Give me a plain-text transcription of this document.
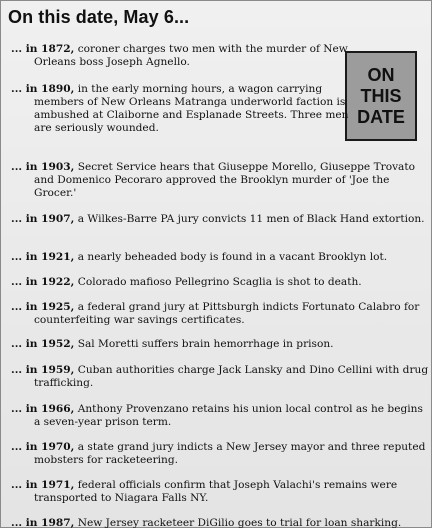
On this date, May 6...
ON
THIS
DATE
... in 1872, coroner charges two men with the murder of New Orleans boss Joseph Agnello.
... in 1890, in the early morning hours, a wagon carrying members of New Orleans Matranga underworld faction is ambushed at Claiborne and Esplanade Streets. Three men are seriously wounded.
... in 1903, Secret Service hears that Giuseppe Morello, Giuseppe Trovato and Domenico Pecoraro approved the Brooklyn murder of 'Joe the Grocer.'
... in 1907, a Wilkes-Barre PA jury convicts 11 men of Black Hand extortion.
... in 1921, a nearly beheaded body is found in a vacant Brooklyn lot.
... in 1922, Colorado mafioso Pellegrino Scaglia is shot to death.
... in 1925, a federal grand jury at Pittsburgh indicts Fortunato Calabro for counterfeiting war savings certificates.
... in 1952, Sal Moretti suffers brain hemorrhage in prison.
... in 1959, Cuban authorities charge Jack Lansky and Dino Cellini with drug trafficking.
... in 1966, Anthony Provenzano retains his union local control as he begins a seven-year prison term.
... in 1970, a state grand jury indicts a New Jersey mayor and three reputed mobsters for racketeering.
... in 1971, federal officials confirm that Joseph Valachi's remains were transported to Niagara Falls NY.
... in 1987, New Jersey racketeer DiGilio goes to trial for loan sharking.
